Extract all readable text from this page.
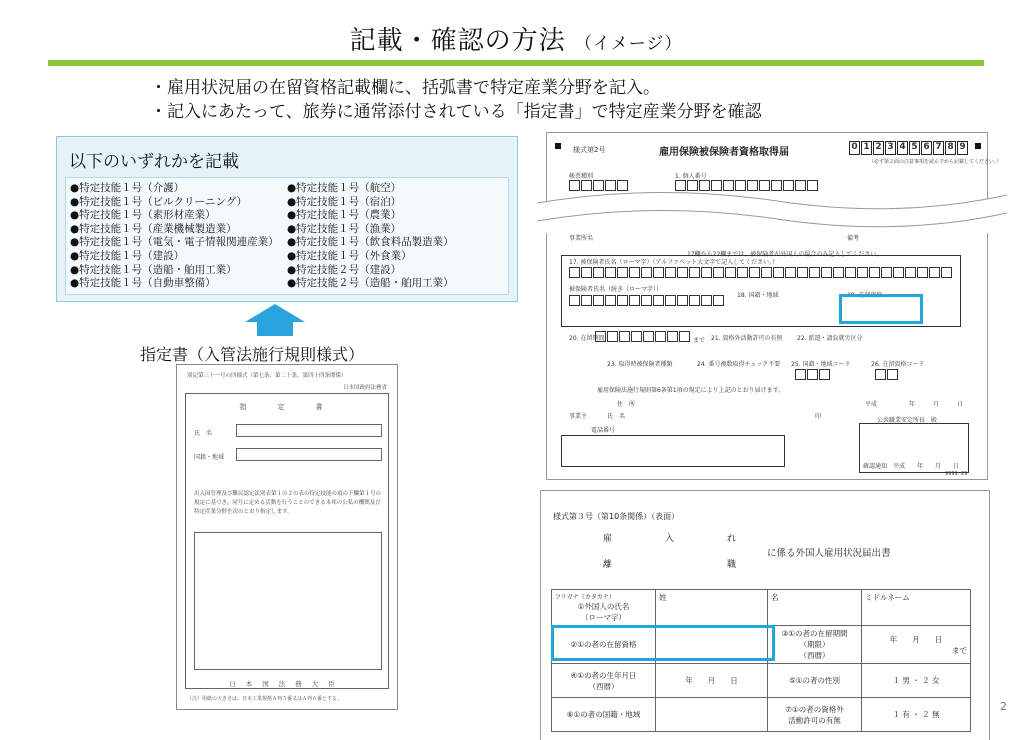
記載・確認の方法 （イメージ）
・雇用状況届の在留資格記載欄に、括弧書で特定産業分野を記入。
・記入にあたって、旅券に通常添付されている「指定書」で特定産業分野を確認
以下のいずれかを記載
●特定技能１号（介護）
●特定技能１号（ビルクリーニング）
●特定技能１号（素形材産業）
●特定技能１号（産業機械製造業）
●特定技能１号（電気・電子情報関連産業）
●特定技能１号（建設）
●特定技能１号（造船・舶用工業）
●特定技能１号（自動車整備）
●特定技能１号（航空）
●特定技能１号（宿泊）
●特定技能１号（農業）
●特定技能１号（漁業）
●特定技能１号（飲食料品製造業）
●特定技能１号（外食業）
●特定技能２号（建設）
●特定技能２号（造船・舶用工業）
指定書（入管法施行規則様式）
別記第三十一号の四様式（第七条、第二十条、第四十四条関係）
日本国政府法務省
指　定　書
氏　名
国籍・地域
出入国管理及び難民認定法別表第１の２の表の特定技能の項の下欄第１号の規定に基づき，同号に定める活動を行うことのできる本邦の公私の機関及び特定産業分野を次のとおり指定します。
日本国法務大臣
（注）用紙の大きさは，日本工業規格Ａ列５番又はＡ列６番とする。
様式第2号	雇用保険被保険者資格取得届	0 1 2 3 4 5 6 7 8 9
（必ず第２面の注意事項を読んでから記載してください。）
帳票種別	1. 個人番号
事業所名	備考
17欄から22欄までは、被保険者が外国人の場合のみ記入してください。
17. 被保険者氏名（ローマ字）（アルファベット大文字で記入してください。）
被保険者氏名（続き（ローマ字））
18. 国籍・地域	19. 在留資格
20. 在留期間	まで 21. 資格外活動許可の有無 22. 派遣・請負就労区分
23. 取得時被保険者種類	24. 番号複数取得チェック不要 25. 国籍・地域コード	26. 在留資格コード
雇用保険法施行規則第6条第1項の規定により上記のとおり届けます。
住　所
事業主	氏　名	印
平成	年	月	日
公共職業安定所長　殿
電話番号
確認通知　平成　　年　　月　　日
9999. 29
様式第３号（第10条関係）（表面）
雇	入	れ
離	職
に係る外国人雇用状況届出書
フリガナ（カタカナ）
①外国人の氏名
（ローマ字）	姓	名	ミドルネーム
②①の者の在留資格		③①の者の在留期間
（期限）
（西暦）	年　　月　　日

まで

④①の者の生年月日
（西暦）	年　　月　　日	⑤①の者の性別	１ 男 ・ ２ 女
⑥①の者の国籍・地域		⑦①の者の資格外
活動許可の有無	１ 有 ・ ２ 無
2
